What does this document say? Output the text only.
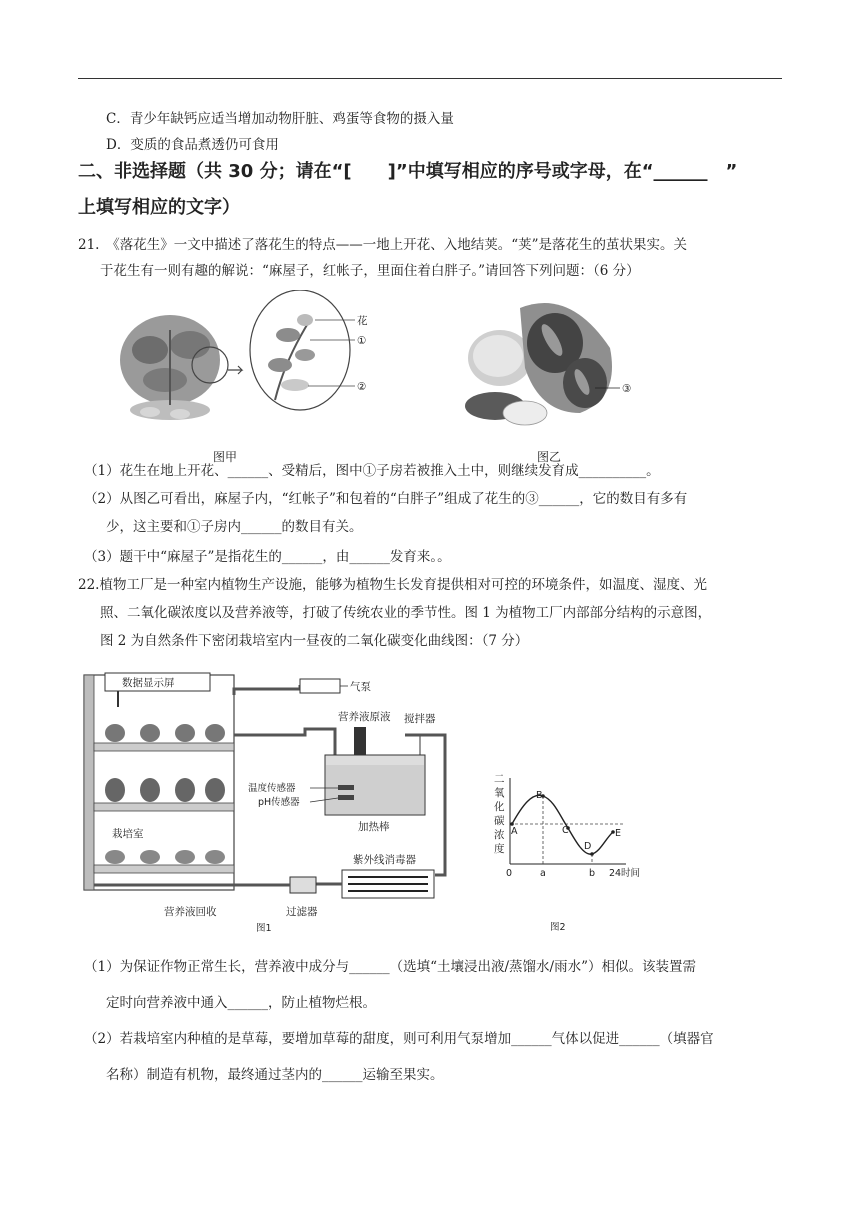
C．青少年缺钙应适当增加动物肝脏、鸡蛋等食物的摄入量
D．变质的食品煮透仍可食用
二、非选择题（共 30 分；请在“[　　]”中填写相应的序号或字母，在“______　”
上填写相应的文字）
21.　《落花生》一文中描述了落花生的特点——一地上开花、入地结荚。“荚”是落花生的茧状果实。关
于花生有一则有趣的解说：“麻屋子，红帐子，里面住着白胖子。”请回答下列问题：（6 分）
花
①
②	③
图甲	图乙
（1）花生在地上开花、______、受精后，图中①子房若被推入土中，则继续发育成__________。
（2）从图乙可看出，麻屋子内，“红帐子”和包着的“白胖子”组成了花生的③______，它的数目有多有
少，这主要和①子房内______的数目有关。
（3）题干中“麻屋子”是指花生的______，由______发育来。。
22.植物工厂是一种室内植物生产设施，能够为植物生长发育提供相对可控的环境条件，如温度、湿度、光
照、二氧化碳浓度以及营养液等，打破了传统农业的季节性。图 1 为植物工厂内部部分结构的示意图，
图 2 为自然条件下密闭栽培室内一昼夜的二氧化碳变化曲线图：（7 分）
数据显示屏
栽培室
气泵
营养液原液 搅拌器
温度传感器
pH传感器
加热棒
紫外线消毒器
营养液回收	过滤器
图1
二
氧
化
碳
浓
度
A
B
C
D
E
0	a	b 24 时间
图2
（1）为保证作物正常生长，营养液中成分与______（选填“土壤浸出液/蒸馏水/雨水”）相似。该装置需
定时向营养液中通入______，防止植物烂根。
（2）若栽培室内种植的是草莓，要增加草莓的甜度，则可利用气泵增加______气体以促进______（填器官
名称）制造有机物，最终通过茎内的______运输至果实。
